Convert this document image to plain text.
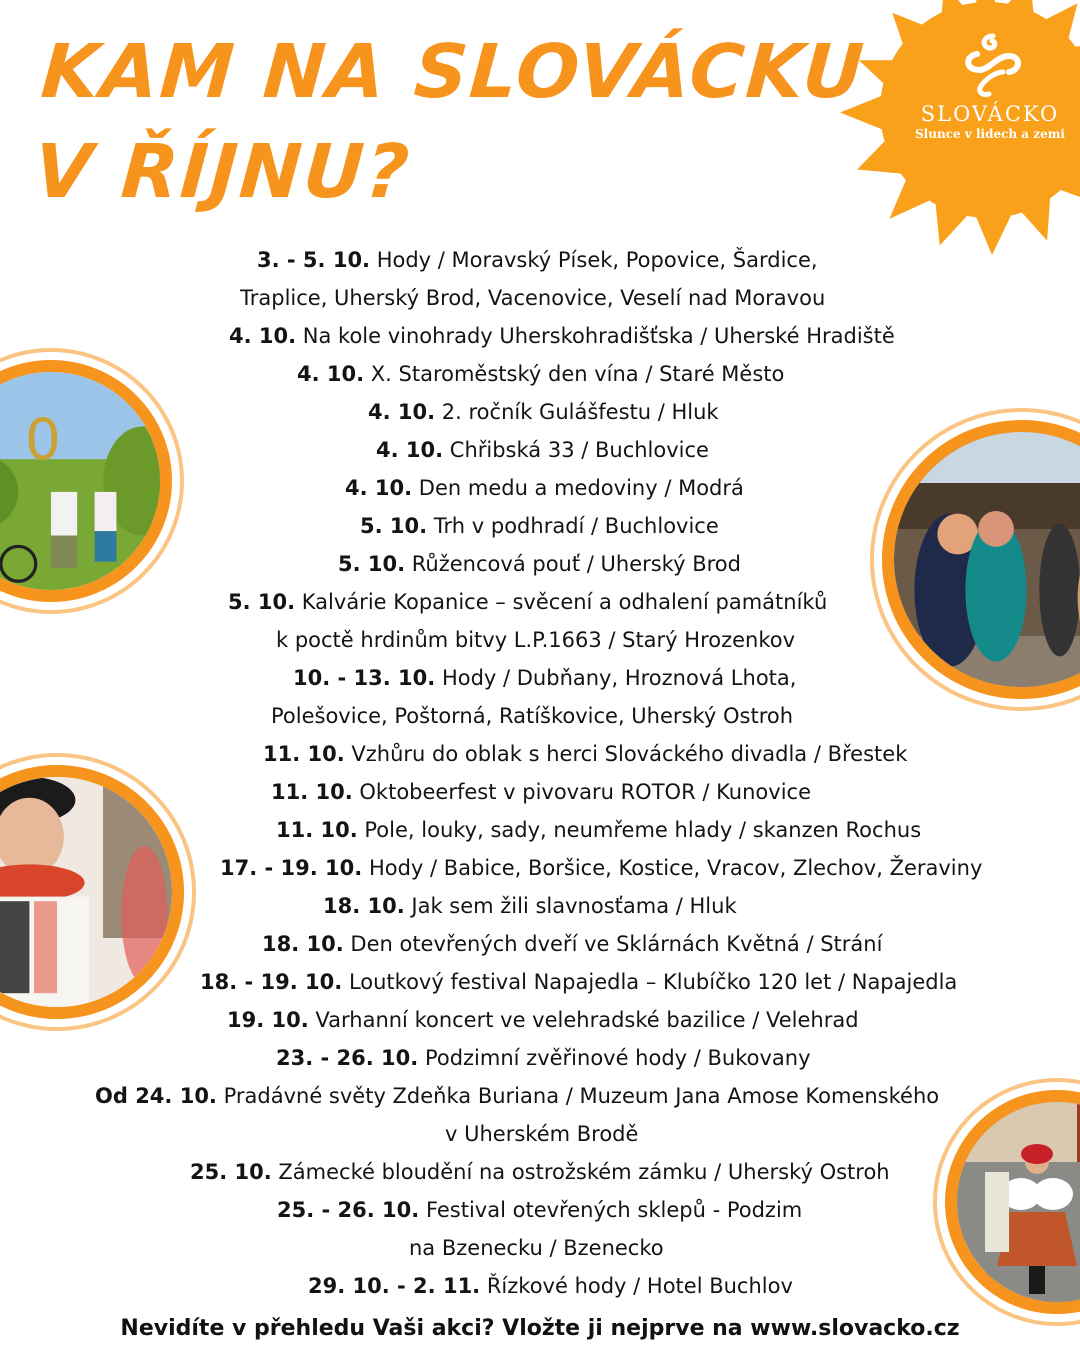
KAM NA SLOVÁCKU
V ŘÍJNU?
SLOVÁCKO
Slunce v lidech a zemi
0
3. - 5. 10. Hody / Moravský Písek, Popovice, Šardice,
Traplice, Uherský Brod, Vacenovice, Veselí nad Moravou
4. 10. Na kole vinohrady Uherskohradišťska / Uherské Hradiště
4. 10. X. Staroměstský den vína / Staré Město
4. 10. 2. ročník Gulášfestu / Hluk
4. 10. Chřibská 33 / Buchlovice
4. 10. Den medu a medoviny / Modrá
5. 10. Trh v podhradí / Buchlovice
5. 10. Růžencová pouť / Uherský Brod
5. 10. Kalvárie Kopanice – svěcení a odhalení památníků
k poctě hrdinům bitvy L.P.1663 / Starý Hrozenkov
10. - 13. 10. Hody / Dubňany, Hroznová Lhota,
Polešovice, Poštorná, Ratíškovice, Uherský Ostroh
11. 10. Vzhůru do oblak s herci Slováckého divadla / Břestek
11. 10. Oktobeerfest v pivovaru ROTOR / Kunovice
11. 10. Pole, louky, sady, neumřeme hlady / skanzen Rochus
17. - 19. 10. Hody / Babice, Boršice, Kostice, Vracov, Zlechov, Žeraviny
18. 10. Jak sem žili slavnosťama / Hluk
18. 10. Den otevřených dveří ve Sklárnách Květná / Strání
18. - 19. 10. Loutkový festival Napajedla – Klubíčko 120 let / Napajedla
19. 10. Varhanní koncert ve velehradské bazilice / Velehrad
23. - 26. 10. Podzimní zvěřinové hody / Bukovany
Od 24. 10. Pradávné světy Zdeňka Buriana / Muzeum Jana Amose Komenského
v Uherském Brodě
25. 10. Zámecké bloudění na ostrožském zámku / Uherský Ostroh
25. - 26. 10. Festival otevřených sklepů - Podzim
na Bzenecku / Bzenecko
29. 10. - 2. 11. Řízkové hody / Hotel Buchlov
Nevidíte v přehledu Vaši akci? Vložte ji nejprve na www.slovacko.cz
